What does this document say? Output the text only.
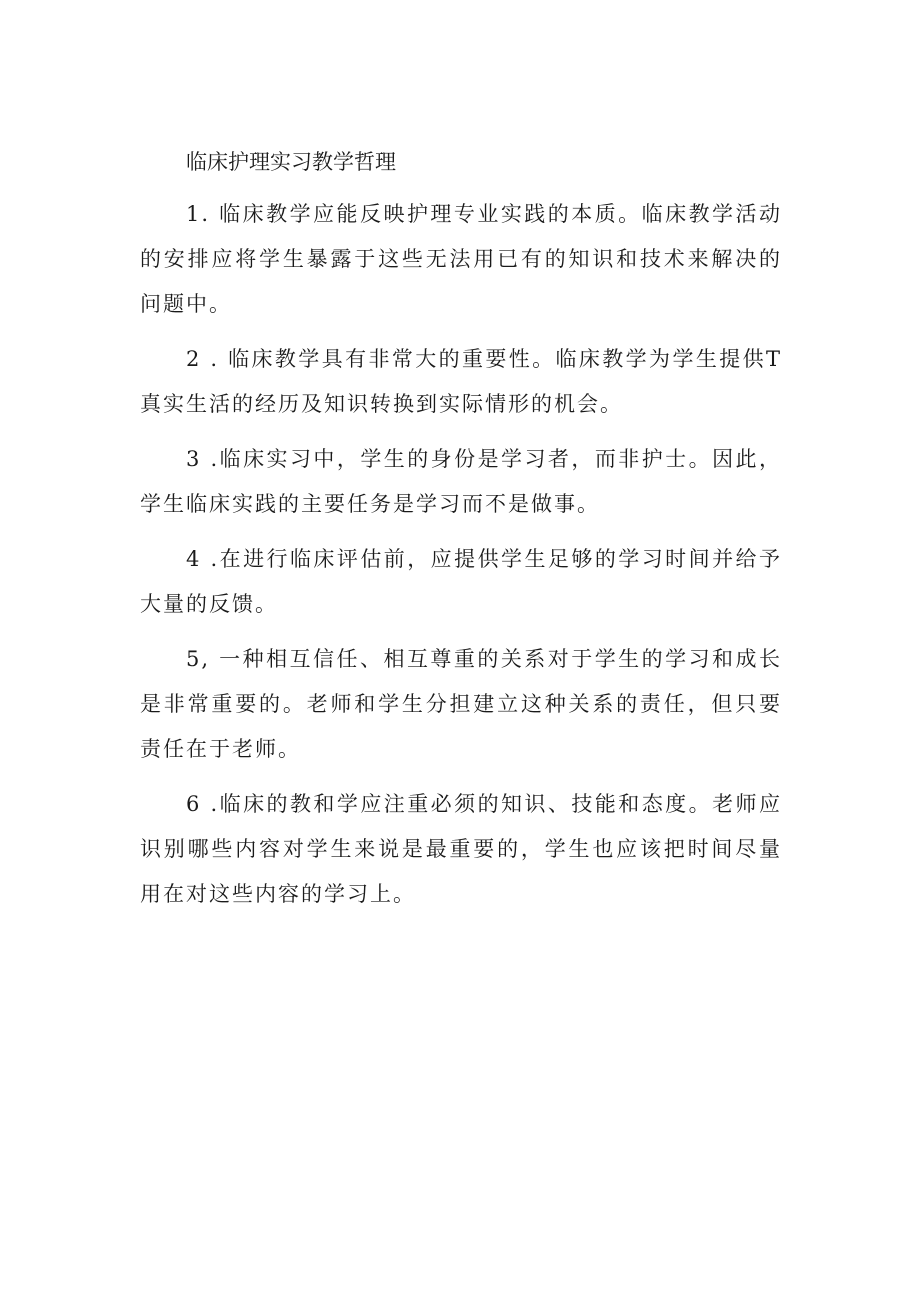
临床护理实习教学哲理

1. 临床教学应能反映护理专业实践的本质。临床教学活动的安排应将学生暴露于这些无法用已有的知识和技术来解决的问题中。

2 . 临床教学具有非常大的重要性。临床教学为学生提供T真实生活的经历及知识转换到实际情形的机会。

3 .临床实习中，学生的身份是学习者，而非护士。因此，学生临床实践的主要任务是学习而不是做事。

4 .在进行临床评估前，应提供学生足够的学习时间并给予大量的反馈。

5, 一种相互信任、相互尊重的关系对于学生的学习和成长是非常重要的。老师和学生分担建立这种关系的责任，但只要责任在于老师。

6 .临床的教和学应注重必须的知识、技能和态度。老师应识别哪些内容对学生来说是最重要的，学生也应该把时间尽量用在对这些内容的学习上。
